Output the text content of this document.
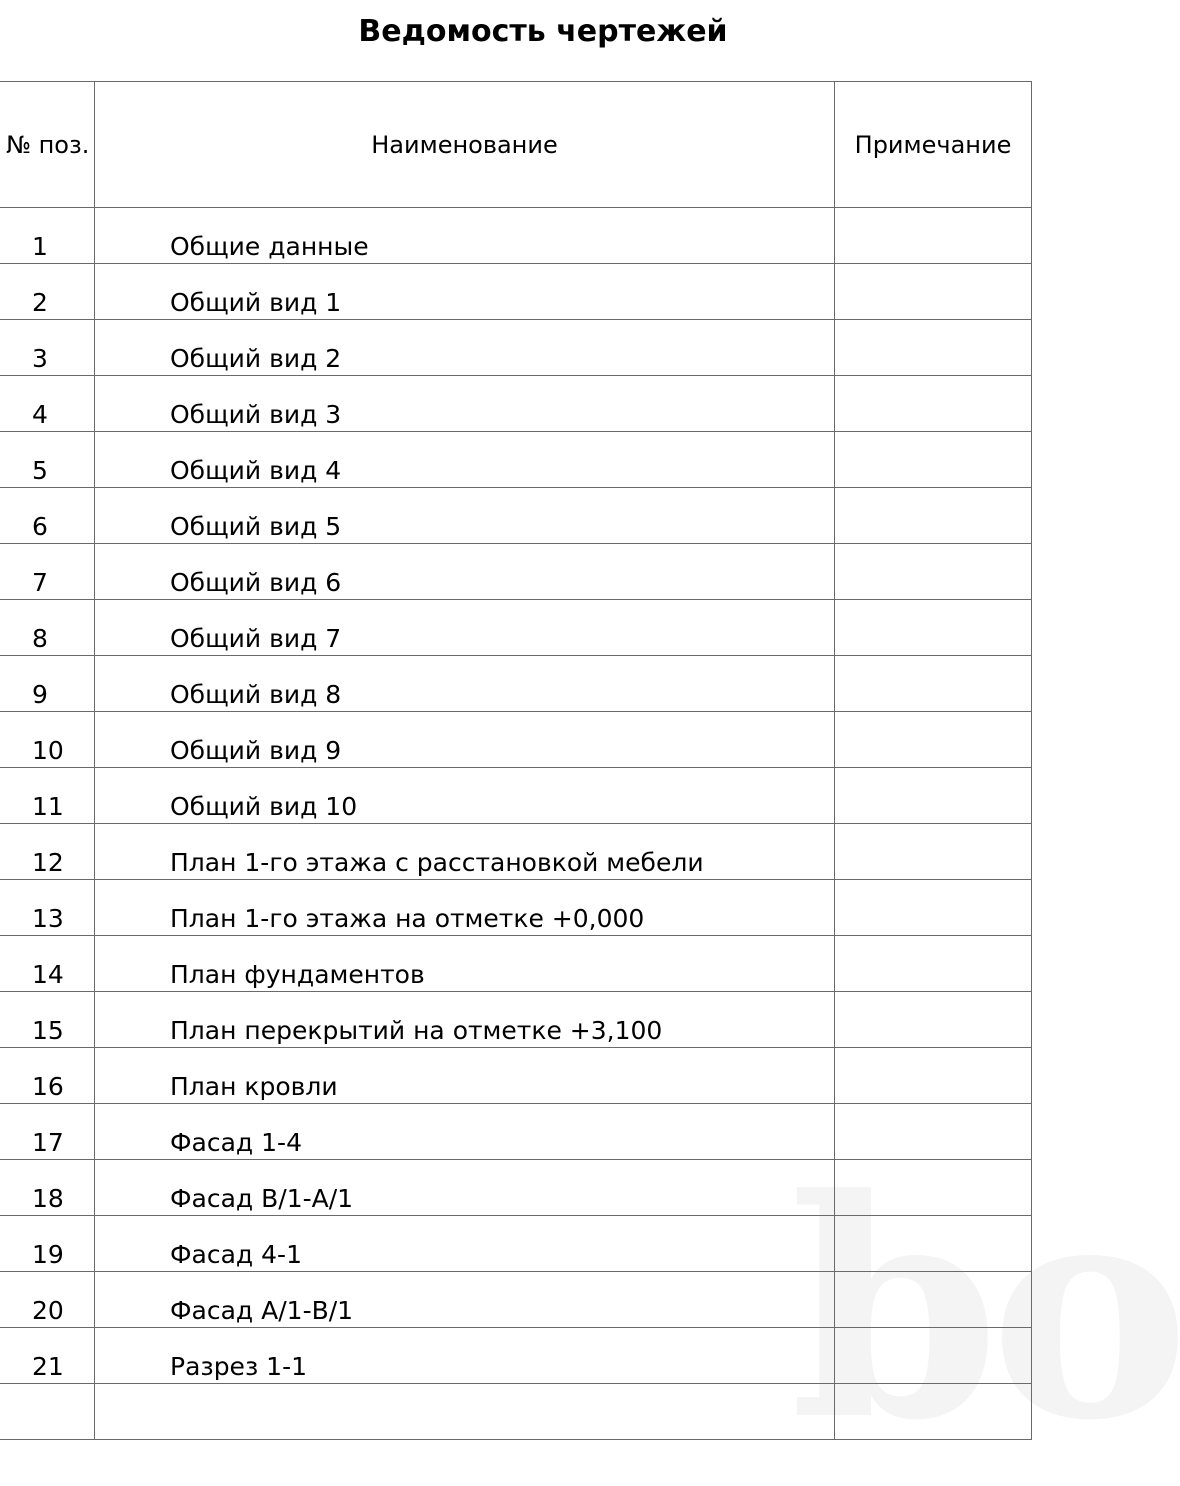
bo
Ведомость чертежей
№ поз.	Наименование	Примечание
1	Общие данные	
2	Общий вид 1	
3	Общий вид 2	
4	Общий вид 3	
5	Общий вид 4	
6	Общий вид 5	
7	Общий вид 6	
8	Общий вид 7	
9	Общий вид 8	
10	Общий вид 9	
11	Общий вид 10	
12	План 1-го этажа с расстановкой мебели	
13	План 1-го этажа на отметке +0,000	
14	План фундаментов	
15	План перекрытий на отметке +3,100	
16	План кровли	
17	Фасад 1-4	
18	Фасад В/1-А/1	
19	Фасад 4-1	
20	Фасад А/1-В/1	
21	Разрез 1-1	
